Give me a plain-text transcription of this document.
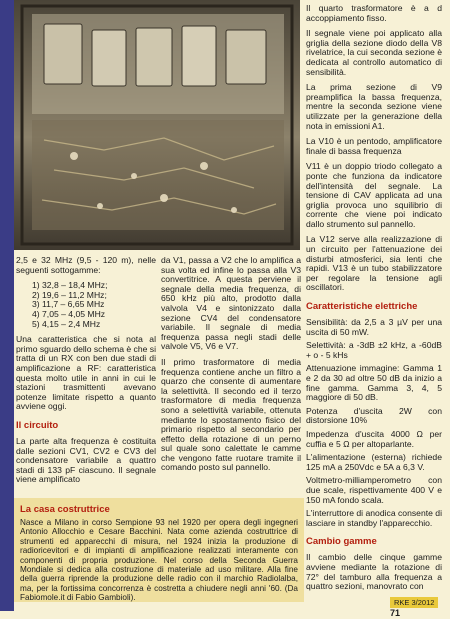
2,5 e 32 MHz (9,5 - 120 m), nelle seguenti sottogamme:

1) 32,8 – 18,4 MHz;
2) 19,6 – 11,2 MHz;
3) 11,7 – 6,65 MHz
4) 7,05 – 4,05 MHz
5) 4,15 – 2,4 MHz

Una caratteristica che si nota al primo sguardo dello schema è che si tratta di un RX con ben due stadi di amplificazione a RF: caratteristica questa molto utile in anni in cui le stazioni trasmittenti avevano potenze limitate rispetto a quanto avviene oggi.

Il circuito

La parte alta frequenza è costituita dalle sezioni CV1, CV2 e CV3 del condensatore variabile a quattro stadi di 133 pF ciascuno. Il segnale viene amplificato

da V1, passa a V2 che lo amplifica a sua volta ed infine lo passa alla V3 convertitrice. A questa perviene il segnale della media frequenza, di 650 kHz più alto, prodotto dalla valvola V4 e sintonizzato dalla sezione CV4 del condensatore variabile. Il segnale di media frequenza passa negli stadi delle valvole V5, V6 e V7.

Il primo trasformatore di media frequenza contiene anche un filtro a quarzo che consente di aumentare la selettività. Il secondo ed il terzo trasformatore di media frequenza sono a selettività variabile, ottenuta mediante lo spostamento fisico del primario rispetto al secondario per effetto della rotazione di un perno sul quale sono calettate le camme che vengono fatte ruotare tramite il comando posto sul pannello.

La casa costruttrice

Nasce a Milano in corso Sempione 93 nel 1920 per opera degli ingegneri Antonio Allocchio e Cesare Bacchini. Nata come azienda costruttrice di strumenti ed apparecchi di misura, nel 1924 inizia la produzione di radioricevitori e di impianti di amplificazione realizzati interamente con componenti di propria produzione. Nel corso della Seconda Guerra Mondiale si dedica alla costruzione di materiale ad uso militare. Alla fine della guerra riprende la produzione delle radio con il marchio Radiolalba, ma, per la fortissima concorrenza è costretta a chiudere negli anni '60. (Da Fabiomole.it di Fabio Gambioli).

Il quarto trasformatore è a d accoppiamento fisso.

Il segnale viene poi applicato alla griglia della sezione diodo della V8 rivelatrice, la cui seconda sezione è dedicata al controllo automatico di sensibilità.

La prima sezione di V9 preamplifica la bassa frequenza, mentre la seconda sezione viene utilizzate per la generazione della nota in emissioni A1.

La V10 è un pentodo, amplificatore finale di bassa frequenza

V11 è un doppio triodo collegato a ponte che funziona da indicatore dell'intensità del segnale. La tensione di CAV applicata ad una griglia provoca uno squilibrio di corrente che viene poi indicato dallo strumento sul pannello.

La V12 serve alla realizzazione di un circuito per l'attenuazione dei disturbi atmosferici, sia lenti che rapidi. V13 è un tubo stabilizzatore per regolare la tensione agli oscillatori.

Caratteristiche elettriche

Sensibilità: da 2,5 a 3 µV per una uscita di 50 mW.

Selettività: a -3dB ±2 kHz, a -60dB + o - 5 kHs

Attenuazione immagine: Gamma 1 e 2 da 30 ad oltre 50 dB da inizio a fine gamma. Gamma 3, 4, 5 maggiore di 50 dB.

Potenza d'uscita 2W con distorsione 10%

Impedenza d'uscita 4000 Ω per cuffia e 5 Ω per altoparlante.

L'alimentazione (esterna) richiede 125 mA a 250Vdc e 5A a 6,3 V.

Voltmetro-milliamperometro con due scale, rispettivamente 400 V e 150 mA fondo scala.

L'interruttore di anodica consente di lasciare in standby l'apparecchio.

Cambio gamme

Il cambio delle cinque gamme avviene mediante la rotazione di 72° del tamburo alla frequenza a quattro sezioni, manovrato con

RKE 3/201271
